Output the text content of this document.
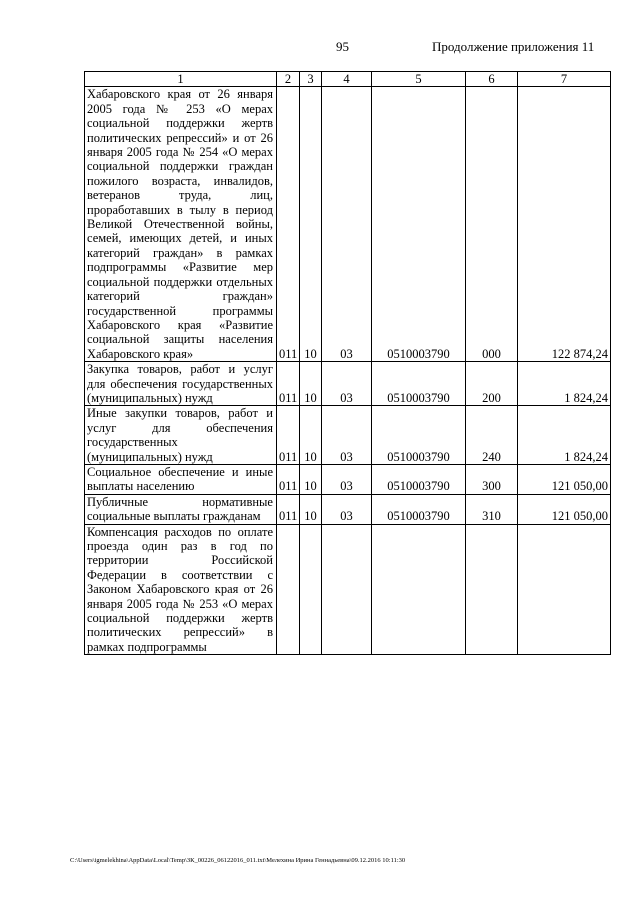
95	Продолжение приложения 11
1	2	3	4	5	6	7
Хабаровского края от 26 января 2005 года № 253 «О мерах социальной поддержки жертв политических репрессий» и от 26 января 2005 года № 254 «О мерах социальной поддержки граждан пожилого возраста, инвалидов, ветеранов труда, лиц, проработавших в тылу в период Великой Отечественной войны, семей, имеющих детей, и иных категорий граждан» в рамках подпрограммы «Развитие мер социальной поддержки отдельных категорий граждан» государственной программы Хабаровского края «Развитие социальной защиты населения Хабаровского края»	011	10	03	0510003790	000	122 874,24
Закупка товаров, работ и услуг для обеспечения государственных (муниципальных) нужд	011	10	03	0510003790	200	1 824,24
Иные закупки товаров, работ и услуг для обеспечения государственных (муниципальных) нужд	011	10	03	0510003790	240	1 824,24
Социальное обеспечение и иные выплаты населению	011	10	03	0510003790	300	121 050,00
Публичные нормативные социальные выплаты гражданам	011	10	03	0510003790	310	121 050,00
Компенсация расходов по оплате проезда один раз в год по территории Российской Федерации в соответствии с Законом Хабаровского края от 26 января 2005 года № 253 «О мерах социальной поддержки жертв политических репрессий» в рамках подпрограммы						
C:\Users\igmelekhina\AppData\Local\Temp\ЗК_00226_06122016_011.txt\Мелехина Ирина Геннадьевна\09.12.2016 10:11:30
